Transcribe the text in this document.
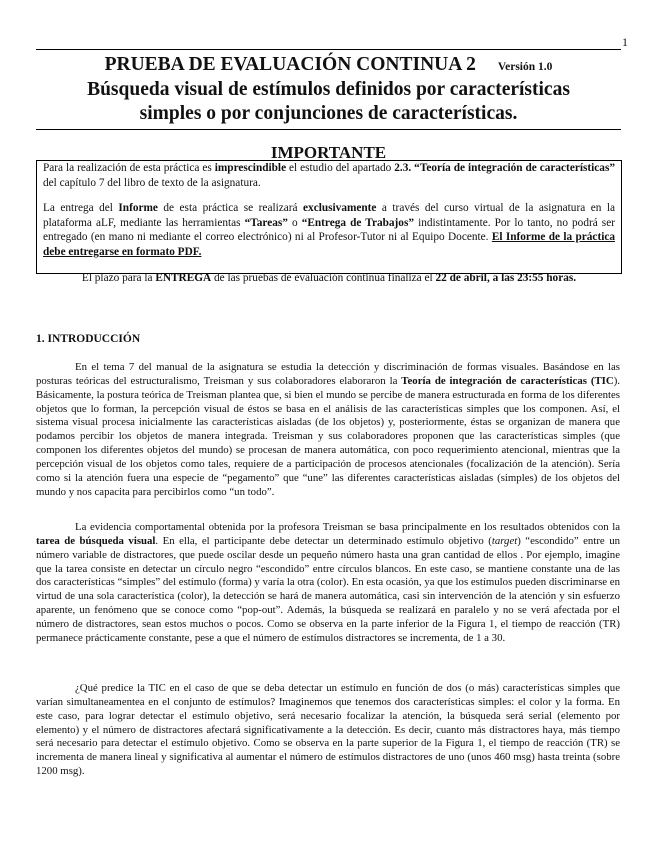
1
PRUEBA DE EVALUACIÓN CONTINUA 2 Versión 1.0
Búsqueda visual de estímulos definidos por características
simples o por conjunciones de características.
IMPORTANTE

Para la realización de esta práctica es imprescindible el estudio del apartado 2.3. “Teoría de integración de características” del capítulo 7 del libro de texto de la asignatura.

La entrega del Informe de esta práctica se realizará exclusivamente a través del curso virtual de la asignatura en la plataforma aLF, mediante las herramientas “Tareas” o “Entrega de Trabajos” indistintamente. Por lo tanto, no podrá ser entregado (en mano ni mediante el correo electrónico) ni al Profesor-Tutor ni al Equipo Docente. El Informe de la práctica debe entregarse en formato PDF.

El plazo para la ENTREGA de las pruebas de evaluación continua finaliza el 22 de abril, a las 23:55 horas.

1. INTRODUCCIÓN

En el tema 7 del manual de la asignatura se estudia la detección y discriminación de formas visuales. Basándose en las posturas teóricas del estructuralismo, Treisman y sus colaboradores elaboraron la Teoría de integración de características (TIC). Básicamente, la postura teórica de Treisman plantea que, si bien el mundo se percibe de manera estructurada en forma de los diferentes objetos que lo forman, la percepción visual de éstos se basa en el análisis de las características simples que los componen. Así, el sistema visual procesa inicialmente las características aisladas (de los objetos) y, posteriormente, éstas se organizan de manera que podamos percibir los objetos de manera integrada. Treisman y sus colaboradores proponen que las características simples (que componen los diferentes objetos del mundo) se procesan de manera automática, con poco requerimiento atencional, mientras que la percepción visual de los objetos como tales, requiere de a participación de procesos atencionales (focalización de la atención). Sería como si la atención fuera una especie de “pegamento” que “une” las diferentes características aisladas (simples) de los objetos del mundo y nos capacita para percibirlos como “un todo”.

La evidencia comportamental obtenida por la profesora Treisman se basa principalmente en los resultados obtenidos con la tarea de búsqueda visual. En ella, el participante debe detectar un determinado estímulo objetivo (target) “escondido” entre un número variable de distractores, que puede oscilar desde un pequeño número hasta una gran cantidad de ellos . Por ejemplo, imagine que la tarea consiste en detectar un círculo negro “escondido” entre círculos blancos. En este caso, se mantiene constante una de las dos características “simples” del estímulo (forma) y varía la otra (color). En esta ocasión, ya que los estímulos pueden discriminarse en virtud de una sola característica (color), la detección se hará de manera automática, casi sin intervención de la atención y sin esfuerzo aparente, un fenómeno que se conoce como “pop-out”. Además, la búsqueda se realizará en paralelo y no se verá afectada por el número de distractores, sean estos muchos o pocos. Como se observa en la parte inferior de la Figura 1, el tiempo de reacción (TR) permanece prácticamente constante, pese a que el número de estímulos distractores se incrementa, de 1 a 30.

¿Qué predice la TIC en el caso de que se deba detectar un estímulo en función de dos (o más) características simples que varían simultaneamentea en el conjunto de estímulos? Imaginemos que tenemos dos características simples: el color y la forma. En este caso, para lograr detectar el estímulo objetivo, será necesario focalizar la atención, la búsqueda será serial (elemento por elemento) y el número de distractores afectará significativamente a la detección. Es decir, cuanto más distractores haya, más tiempo será necesario para detectar el estímulo objetivo. Como se observa en la parte superior de la Figura 1, el tiempo de reacción (TR) se incrementa de manera lineal y significativa al aumentar el número de estímulos distractores de uno (unos 460 msg) hasta treinta (sobre 1200 msg).
